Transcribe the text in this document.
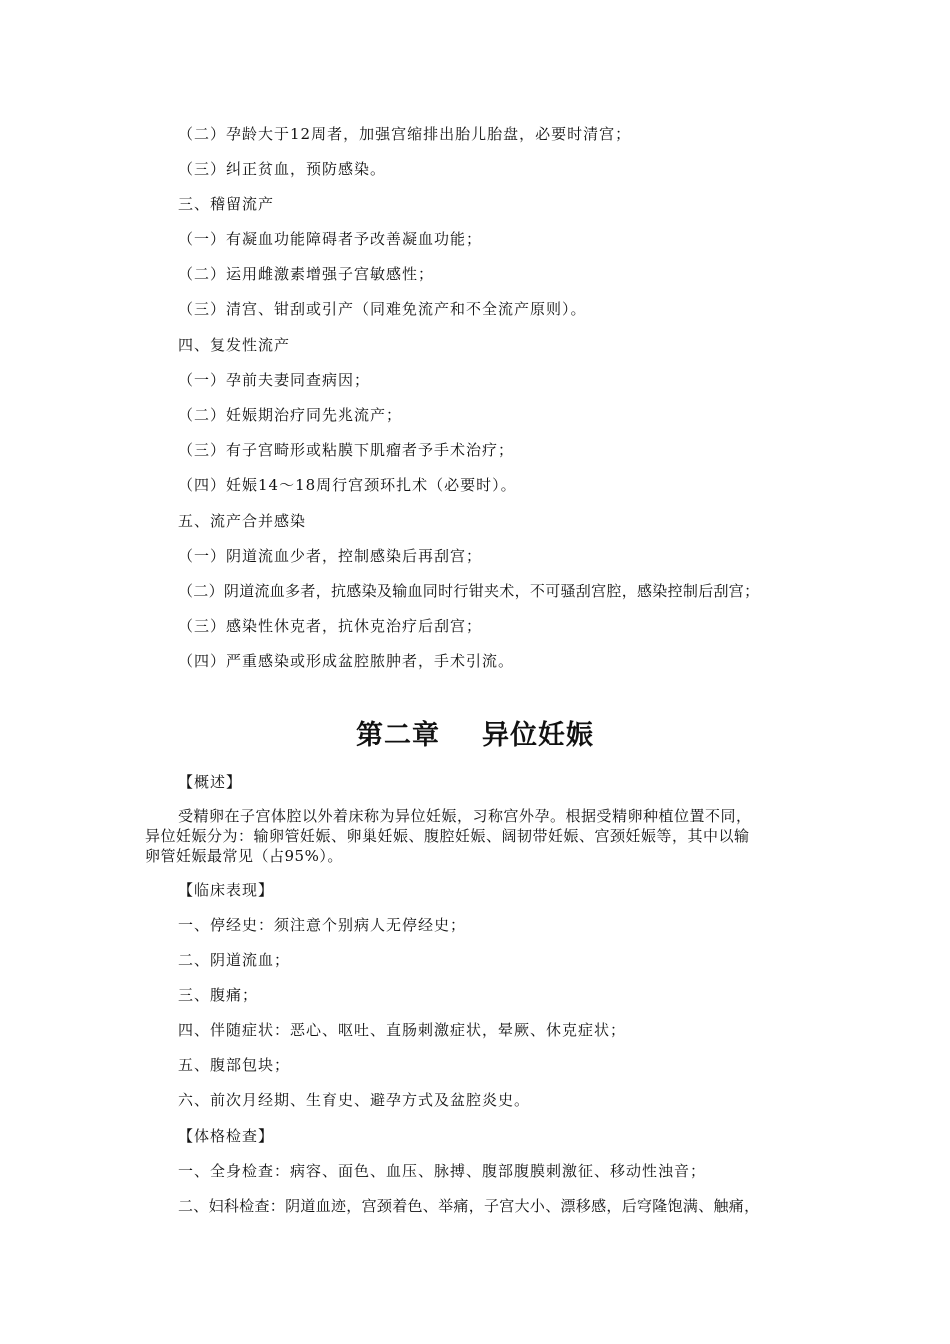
（二）孕龄大于12周者，加强宫缩排出胎儿胎盘，必要时清宫；
（三）纠正贫血，预防感染。
三、稽留流产
（一）有凝血功能障碍者予改善凝血功能；
（二）运用雌激素增强子宫敏感性；
（三）清宫、钳刮或引产（同难免流产和不全流产原则）。
四、复发性流产
（一）孕前夫妻同查病因；
（二）妊娠期治疗同先兆流产；
（三）有子宫畸形或粘膜下肌瘤者予手术治疗；
（四）妊娠14～18周行宫颈环扎术（必要时）。
五、流产合并感染
（一）阴道流血少者，控制感染后再刮宫；
（二）阴道流血多者，抗感染及输血同时行钳夹术，不可骚刮宫腔，感染控制后刮宫；
（三）感染性休克者，抗休克治疗后刮宫；
（四）严重感染或形成盆腔脓肿者，手术引流。
第二章 异位妊娠
【概述】
受精卵在子宫体腔以外着床称为异位妊娠，习称宫外孕。根据受精卵种植位置不同，
异位妊娠分为：输卵管妊娠、卵巢妊娠、腹腔妊娠、阔韧带妊娠、宫颈妊娠等，其中以输
卵管妊娠最常见（占95%）。
【临床表现】
一、停经史：须注意个别病人无停经史；
二、阴道流血；
三、腹痛；
四、伴随症状：恶心、呕吐、直肠刺激症状，晕厥、休克症状；
五、腹部包块；
六、前次月经期、生育史、避孕方式及盆腔炎史。
【体格检查】
一、全身检查：病容、面色、血压、脉搏、腹部腹膜刺激征、移动性浊音；
二、妇科检查：阴道血迹，宫颈着色、举痛，子宫大小、漂移感，后穹隆饱满、触痛，
